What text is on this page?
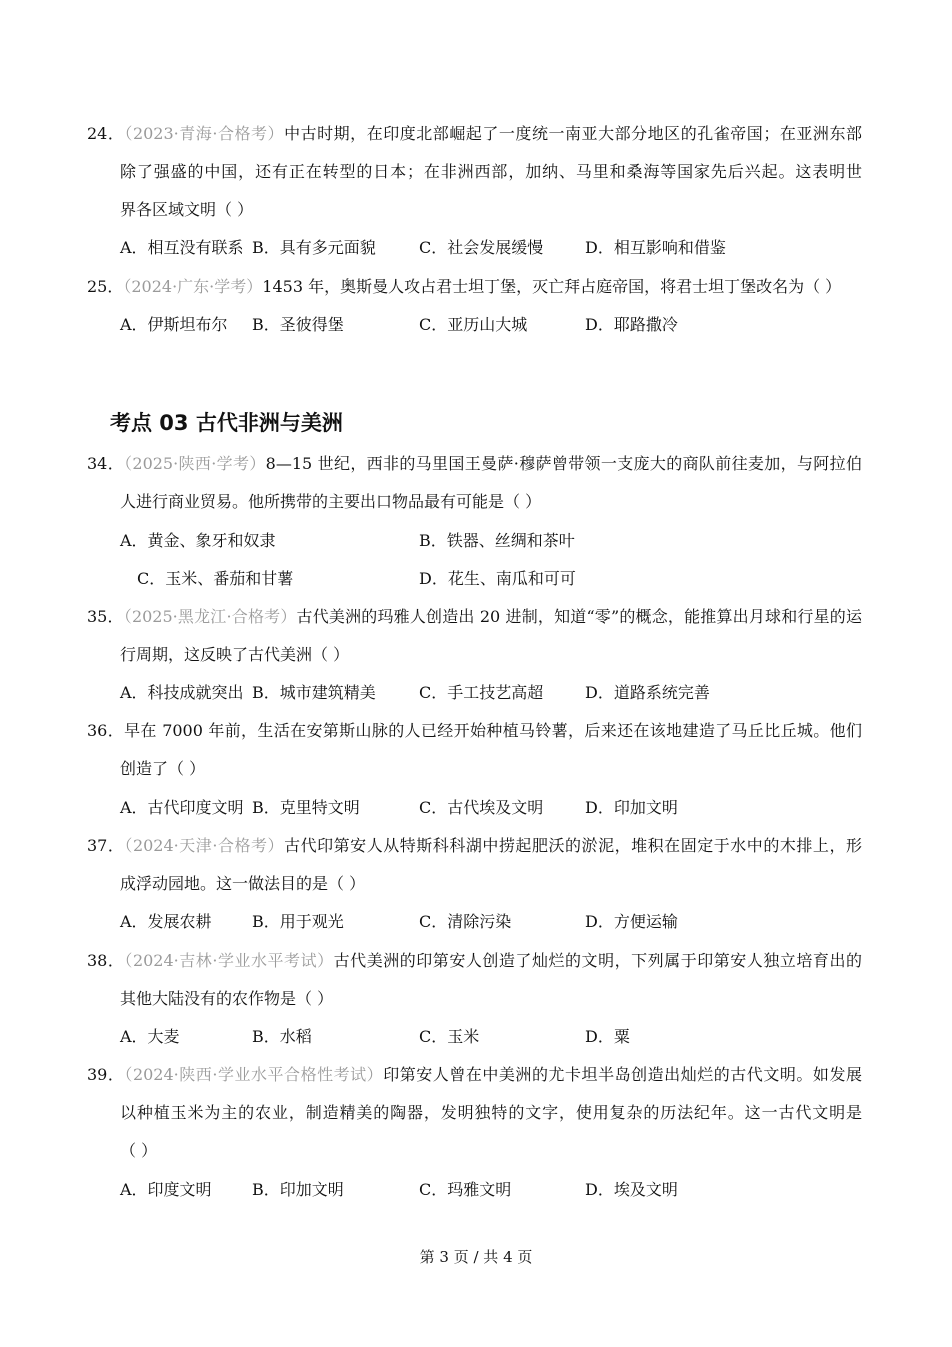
考点 03 古代非洲与美洲
第 3 页 / 共 4 页
24．（2023·青海·合格考）中古时期，在印度北部崛起了一度统一南亚大部分地区的孔雀帝国；在亚洲东部
除了强盛的中国，还有正在转型的日本；在非洲西部，加纳、马里和桑海等国家先后兴起。这表明世
界各区域文明（ ）
A．相互没有联系 B．具有多元面貌	C．社会发展缓慢	D．相互影响和借鉴
25．（2024·广东·学考）1453 年，奥斯曼人攻占君士坦丁堡，灭亡拜占庭帝国，将君士坦丁堡改名为（ ）
A．伊斯坦布尔 B．圣彼得堡	C．亚历山大城	D．耶路撒冷
34．（2025·陕西·学考）8—15 世纪，西非的马里国王曼萨·穆萨曾带领一支庞大的商队前往麦加，与阿拉伯
人进行商业贸易。他所携带的主要出口物品最有可能是（ ）
A．黄金、象牙和奴隶	B．铁器、丝绸和茶叶
C．玉米、番茄和甘薯	D．花生、南瓜和可可
35．（2025·黑龙江·合格考）古代美洲的玛雅人创造出 20 进制，知道“零”的概念，能推算出月球和行星的运
行周期，这反映了古代美洲（ ）
A．科技成就突出 B．城市建筑精美	C．手工技艺高超	D．道路系统完善
36．早在 7000 年前，生活在安第斯山脉的人已经开始种植马铃薯，后来还在该地建造了马丘比丘城。他们
创造了（ ）
A．古代印度文明 B．克里特文明	C．古代埃及文明	D．印加文明
37．（2024·天津·合格考）古代印第安人从特斯科科湖中捞起肥沃的淤泥，堆积在固定于水中的木排上，形
成浮动园地。这一做法目的是（ ）
A．发展农耕	B．用于观光	C．清除污染	D．方便运输
38．（2024·吉林·学业水平考试）古代美洲的印第安人创造了灿烂的文明，下列属于印第安人独立培育出的
其他大陆没有的农作物是（ ）
A．大麦	B．水稻	C．玉米	D．粟
39．（2024·陕西·学业水平合格性考试）印第安人曾在中美洲的尤卡坦半岛创造出灿烂的古代文明。如发展
以种植玉米为主的农业，制造精美的陶器，发明独特的文字，使用复杂的历法纪年。这一古代文明是
（ ）
A．印度文明	B．印加文明	C．玛雅文明	D．埃及文明
